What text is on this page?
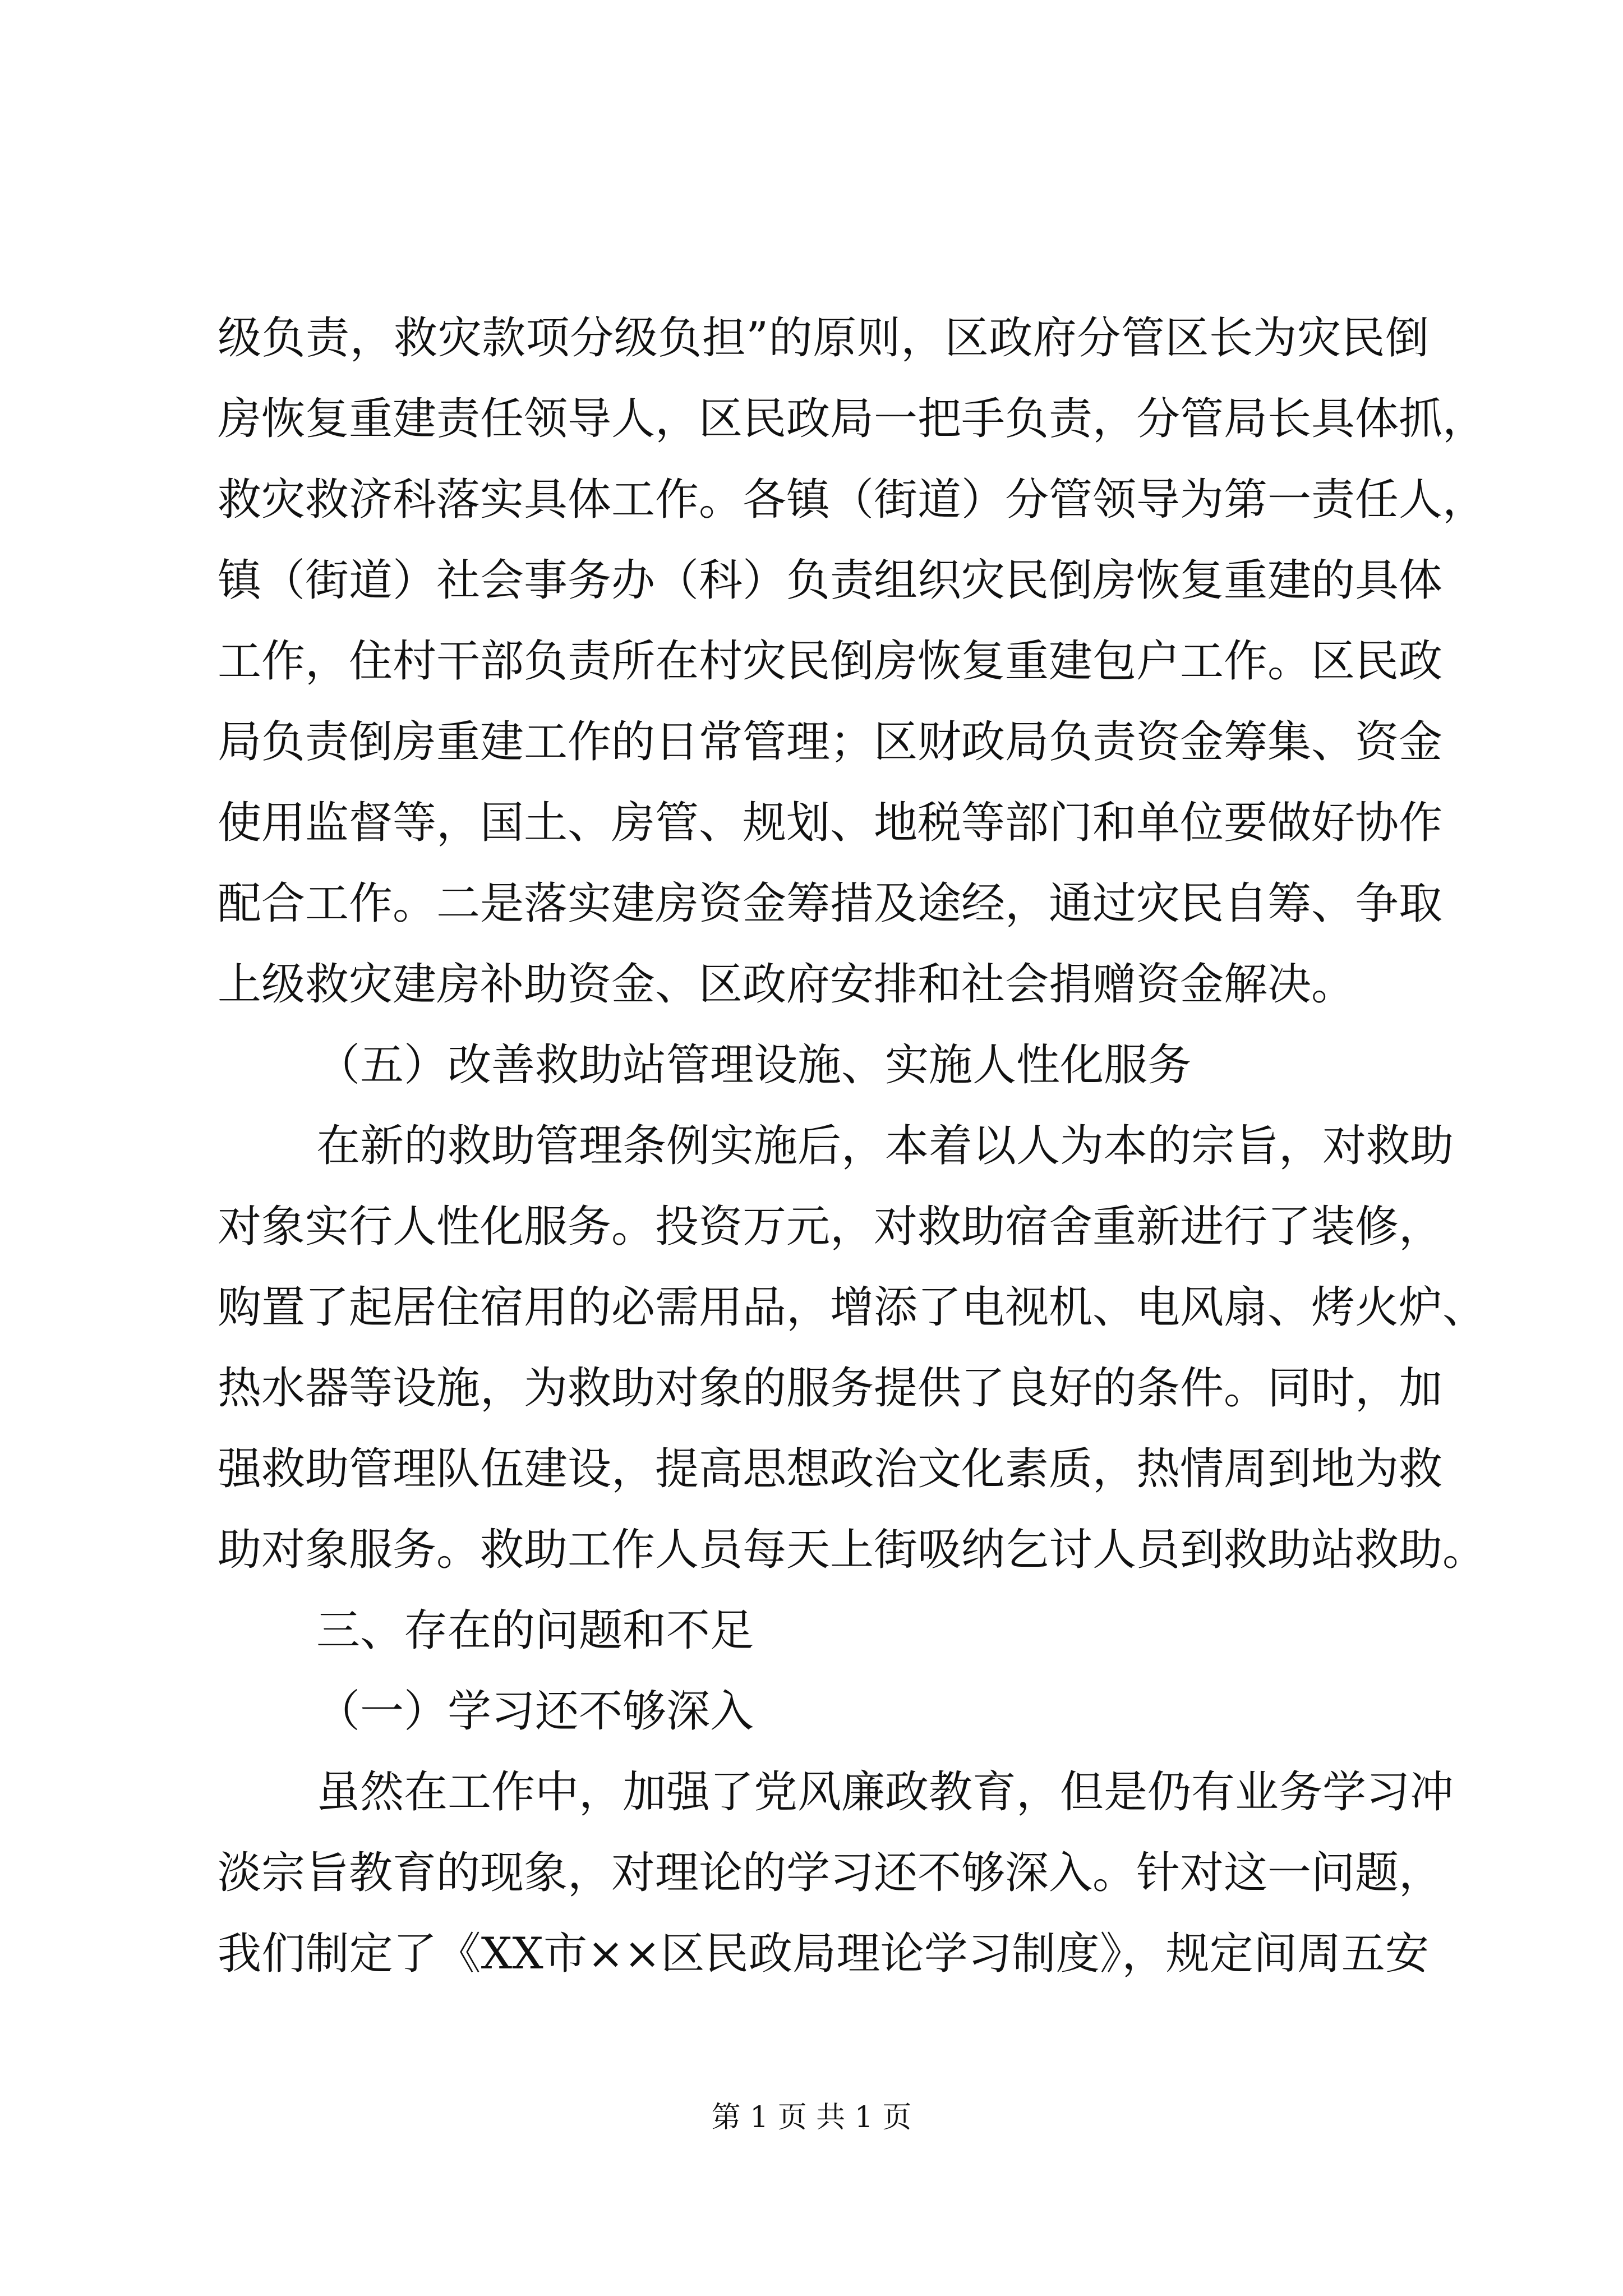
级负责，救灾款项分级负担”的原则，区政府分管区长为灾民倒
房恢复重建责任领导人，区民政局一把手负责，分管局长具体抓，
救灾救济科落实具体工作。各镇（街道）分管领导为第一责任人，
镇（街道）社会事务办（科）负责组织灾民倒房恢复重建的具体
工作，住村干部负责所在村灾民倒房恢复重建包户工作。区民政
局负责倒房重建工作的日常管理；区财政局负责资金筹集、资金
使用监督等，国土、房管、规划、地税等部门和单位要做好协作
配合工作。二是落实建房资金筹措及途经，通过灾民自筹、争取
上级救灾建房补助资金、区政府安排和社会捐赠资金解决。
（五）改善救助站管理设施、实施人性化服务
在新的救助管理条例实施后，本着以人为本的宗旨，对救助
对象实行人性化服务。投资万元，对救助宿舍重新进行了装修，
购置了起居住宿用的必需用品，增添了电视机、电风扇、烤火炉、
热水器等设施，为救助对象的服务提供了良好的条件。同时，加
强救助管理队伍建设，提高思想政治文化素质，热情周到地为救
助对象服务。救助工作人员每天上街吸纳乞讨人员到救助站救助。
三、存在的问题和不足
（一）学习还不够深入
虽然在工作中，加强了党风廉政教育，但是仍有业务学习冲
淡宗旨教育的现象，对理论的学习还不够深入。针对这一问题，
我们制定了《XX市××区民政局理论学习制度》，规定间周五安
第 1 页 共 1 页
